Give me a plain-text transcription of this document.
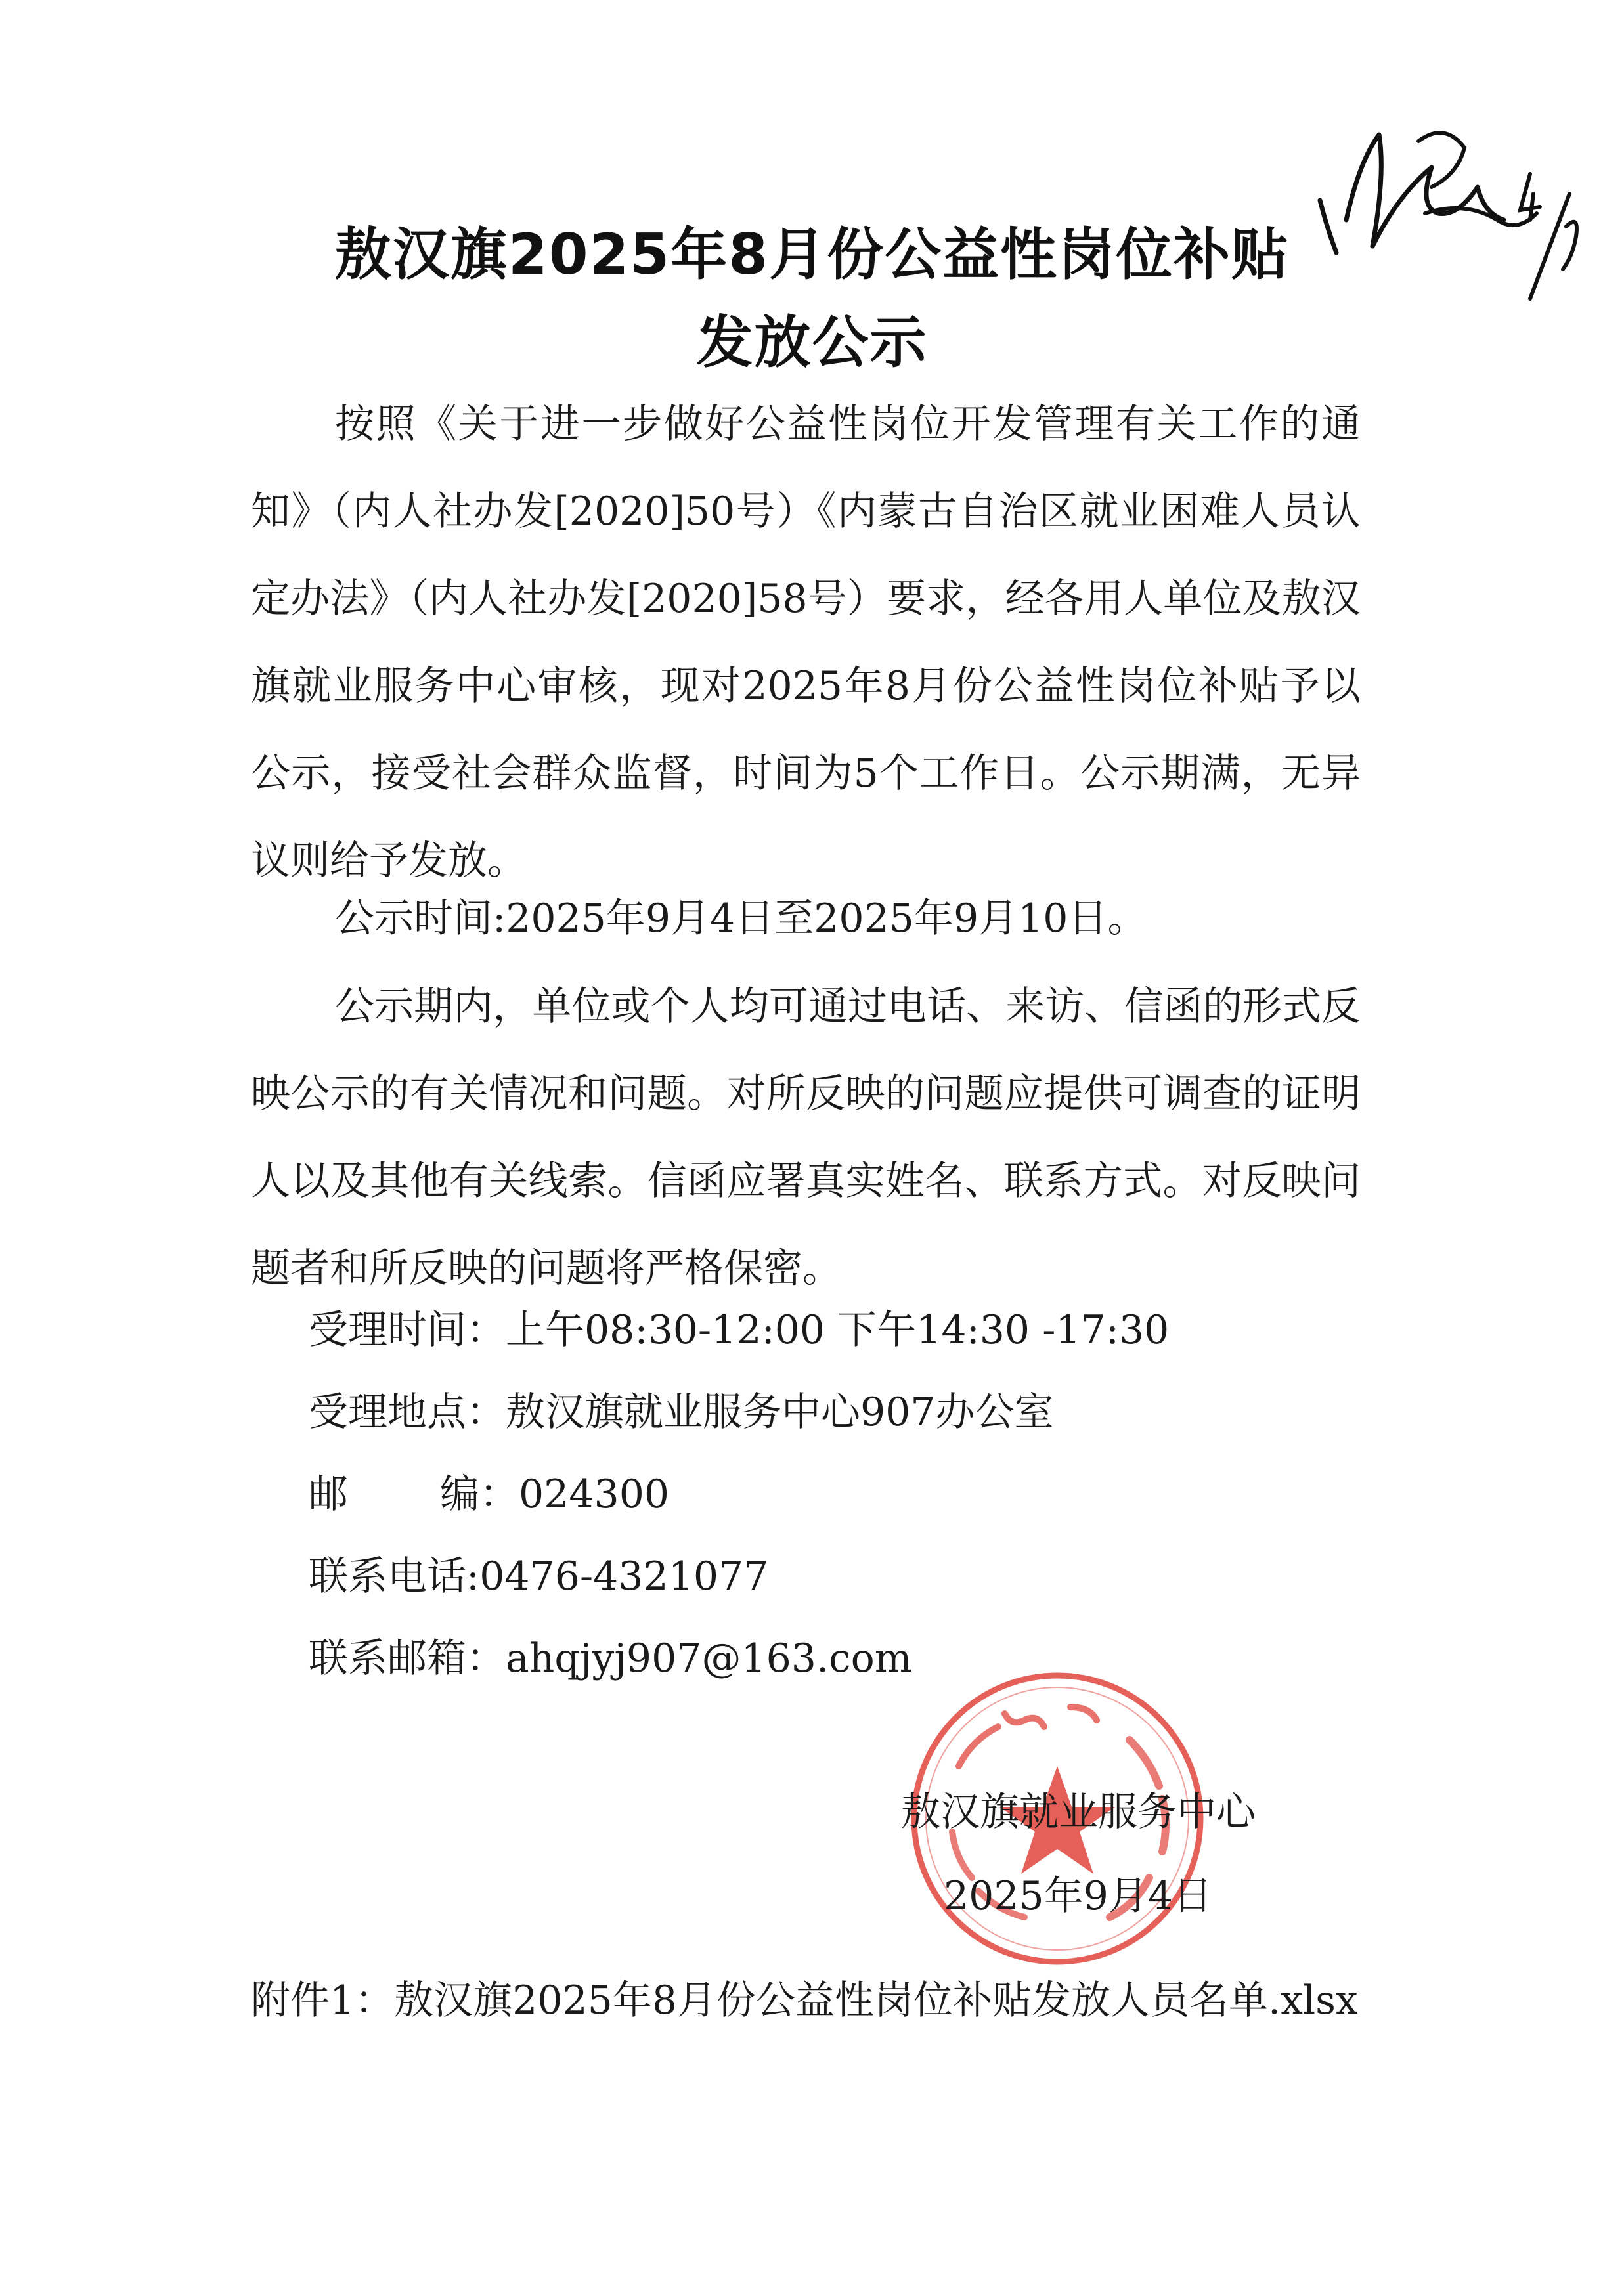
敖汉旗2025年8月份公益性岗位补贴
发放公示

按照《关于进一步做好公益性岗位开发管理有关工作的通知》（内人社办发[2020]50号）《内蒙古自治区就业困难人员认定办法》（内人社办发[2020]58号）要求，经各用人单位及敖汉旗就业服务中心审核，现对2025年8月份公益性岗位补贴予以公示，接受社会群众监督，时间为5个工作日。公示期满，无异议则给予发放。

公示时间:2025年9月4日至2025年9月10日。

公示期内，单位或个人均可通过电话、来访、信函的形式反映公示的有关情况和问题。对所反映的问题应提供可调查的证明人以及其他有关线索。信函应署真实姓名、联系方式。对反映问题者和所反映的问题将严格保密。

受理时间：上午08:30-12:00 下午14:30 -17:30
受理地点：敖汉旗就业服务中心907办公室
邮 编：024300
联系电话:0476-4321077
联系邮箱：ahqjyj907@163.com
敖汉旗就业服务中心
2025年9月4日

附件1：敖汉旗2025年8月份公益性岗位补贴发放人员名单.xlsx
